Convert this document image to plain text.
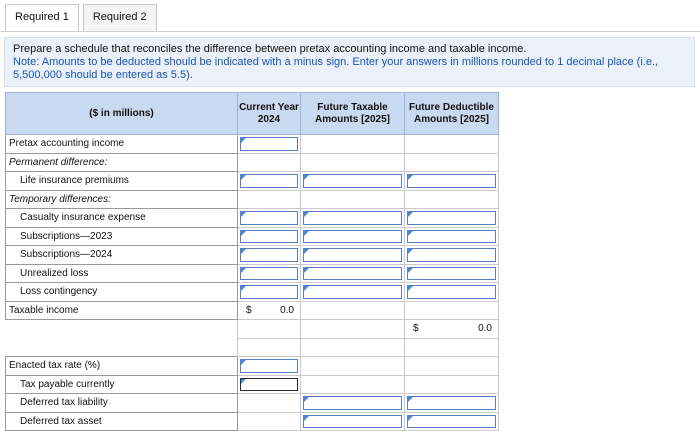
Required 1	Required 2
Prepare a schedule that reconciles the difference between pretax accounting income and taxable income.
Note: Amounts to be deducted should be indicated with a minus sign. Enter your answers in millions rounded to 1 decimal place (i.e., 5,500,000 should be entered as 5.5).
($ in millions)	Current Year 2024	Future Taxable Amounts [2025]	Future Deductible Amounts [2025]
Pretax accounting income	

Permanent difference:			
Life insurance premiums	

Temporary differences:			
Casualty insurance expense	

Subscriptions—2023	

Subscriptions—2024	

Unrealized loss	

Loss contingency	

Taxable income	$ 0.0		

			$ 0.0

Enacted tax rate (%)	

Tax payable currently	

Deferred tax liability		

Deferred tax asset		
